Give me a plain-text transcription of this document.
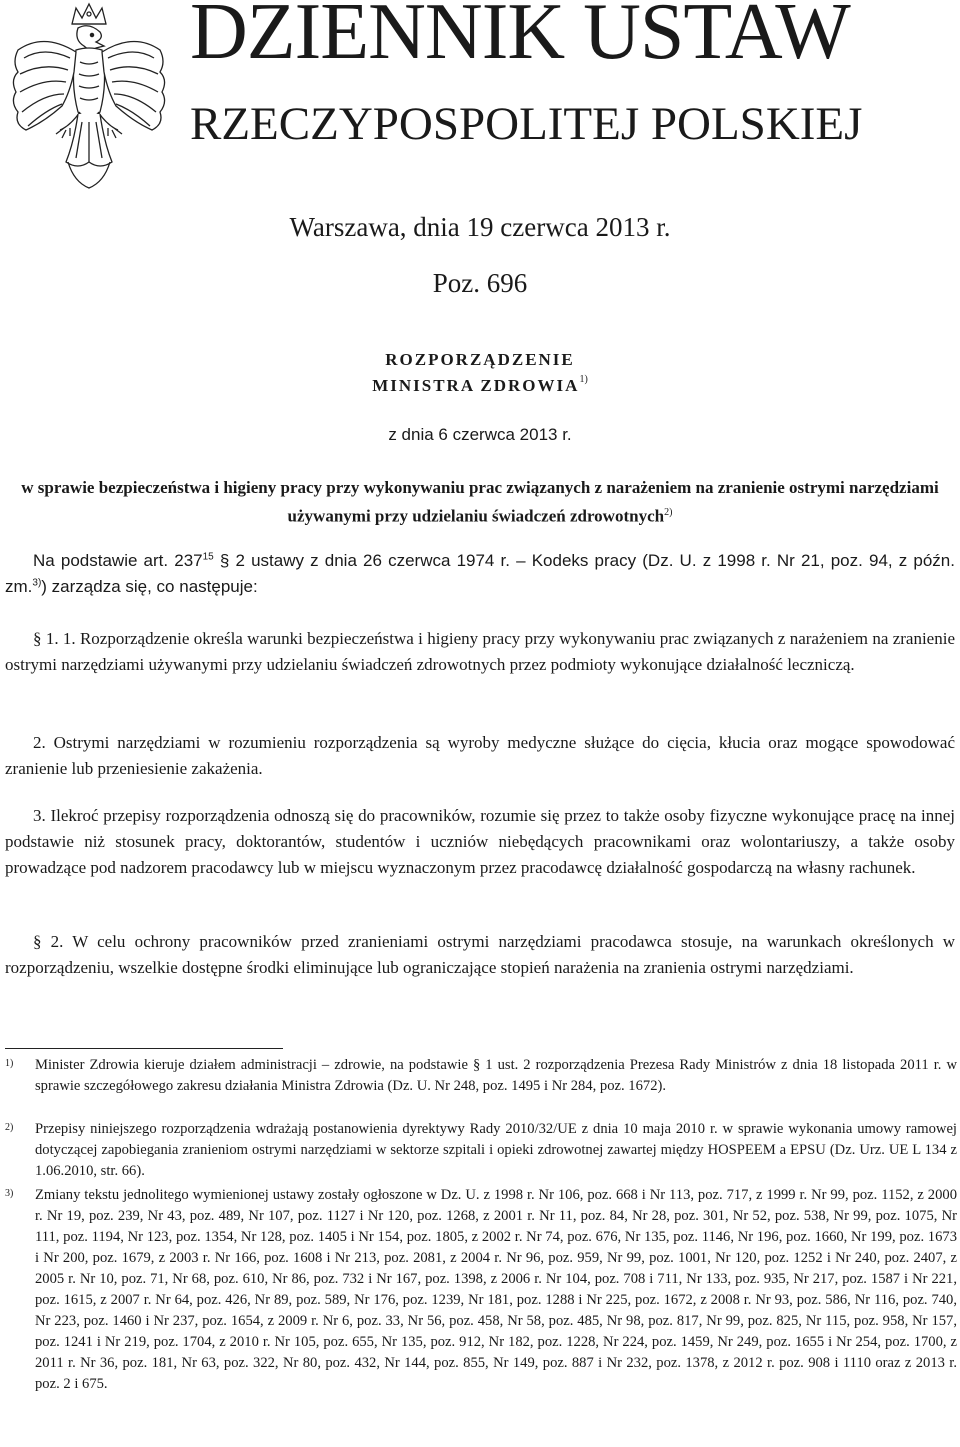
DZIENNIK USTAW
RZECZYPOSPOLITEJ POLSKIEJ
Warszawa, dnia 19 czerwca 2013 r.
Poz. 696
ROZPORZĄDZENIE
MINISTRA ZDROWIA$^{1)}$
z dnia 6 czerwca 2013 r.
w sprawie bezpieczeństwa i higieny pracy przy wykonywaniu prac związanych z narażeniem na zranienie ostrymi narzędziami używanymi przy udzielaniu świadczeń zdrowotnych$^{2)}$
Na podstawie art. $237^{15}$ § 2 ustawy z dnia 26 czerwca 1974 r. – Kodeks pracy (Dz. U. z 1998 r. Nr 21, poz. 94, z późn. zm.$^{3)}$) zarządza się, co następuje:
§ 1. 1. Rozporządzenie określa warunki bezpieczeństwa i higieny pracy przy wykonywaniu prac związanych z narażeniem na zranienie ostrymi narzędziami używanymi przy udzielaniu świadczeń zdrowotnych przez podmioty wykonujące działalność leczniczą.
2. Ostrymi narzędziami w rozumieniu rozporządzenia są wyroby medyczne służące do cięcia, kłucia oraz mogące spowodować zranienie lub przeniesienie zakażenia.
3. Ilekroć przepisy rozporządzenia odnoszą się do pracowników, rozumie się przez to także osoby fizyczne wykonujące pracę na innej podstawie niż stosunek pracy, doktorantów, studentów i uczniów niebędących pracownikami oraz wolontariuszy, a także osoby prowadzące pod nadzorem pracodawcy lub w miejscu wyznaczonym przez pracodawcę działalność gospodarczą na własny rachunek.
§ 2. W celu ochrony pracowników przed zranieniami ostrymi narzędziami pracodawca stosuje, na warunkach określonych w rozporządzeniu, wszelkie dostępne środki eliminujące lub ograniczające stopień narażenia na zranienia ostrymi narzędziami.
1) Minister Zdrowia kieruje działem administracji – zdrowie, na podstawie § 1 ust. 2 rozporządzenia Prezesa Rady Ministrów z dnia 18 listopada 2011 r. w sprawie szczegółowego zakresu działania Ministra Zdrowia (Dz. U. Nr 248, poz. 1495 i Nr 284, poz. 1672).
2) Przepisy niniejszego rozporządzenia wdrażają postanowienia dyrektywy Rady 2010/32/UE z dnia 10 maja 2010 r. w sprawie wykonania umowy ramowej dotyczącej zapobiegania zranieniom ostrymi narzędziami w sektorze szpitali i opieki zdrowotnej zawartej między HOSPEEM a EPSU (Dz. Urz. UE L 134 z 1.06.2010, str. 66).
3) Zmiany tekstu jednolitego wymienionej ustawy zostały ogłoszone w Dz. U. z 1998 r. Nr 106, poz. 668 i Nr 113, poz. 717, z 1999 r. Nr 99, poz. 1152, z 2000 r. Nr 19, poz. 239, Nr 43, poz. 489, Nr 107, poz. 1127 i Nr 120, poz. 1268, z 2001 r. Nr 11, poz. 84, Nr 28, poz. 301, Nr 52, poz. 538, Nr 99, poz. 1075, Nr 111, poz. 1194, Nr 123, poz. 1354, Nr 128, poz. 1405 i Nr 154, poz. 1805, z 2002 r. Nr 74, poz. 676, Nr 135, poz. 1146, Nr 196, poz. 1660, Nr 199, poz. 1673 i Nr 200, poz. 1679, z 2003 r. Nr 166, poz. 1608 i Nr 213, poz. 2081, z 2004 r. Nr 96, poz. 959, Nr 99, poz. 1001, Nr 120, poz. 1252 i Nr 240, poz. 2407, z 2005 r. Nr 10, poz. 71, Nr 68, poz. 610, Nr 86, poz. 732 i Nr 167, poz. 1398, z 2006 r. Nr 104, poz. 708 i 711, Nr 133, poz. 935, Nr 217, poz. 1587 i Nr 221, poz. 1615, z 2007 r. Nr 64, poz. 426, Nr 89, poz. 589, Nr 176, poz. 1239, Nr 181, poz. 1288 i Nr 225, poz. 1672, z 2008 r. Nr 93, poz. 586, Nr 116, poz. 740, Nr 223, poz. 1460 i Nr 237, poz. 1654, z 2009 r. Nr 6, poz. 33, Nr 56, poz. 458, Nr 58, poz. 485, Nr 98, poz. 817, Nr 99, poz. 825, Nr 115, poz. 958, Nr 157, poz. 1241 i Nr 219, poz. 1704, z 2010 r. Nr 105, poz. 655, Nr 135, poz. 912, Nr 182, poz. 1228, Nr 224, poz. 1459, Nr 249, poz. 1655 i Nr 254, poz. 1700, z 2011 r. Nr 36, poz. 181, Nr 63, poz. 322, Nr 80, poz. 432, Nr 144, poz. 855, Nr 149, poz. 887 i Nr 232, poz. 1378, z 2012 r. poz. 908 i 1110 oraz z 2013 r. poz. 2 i 675.
